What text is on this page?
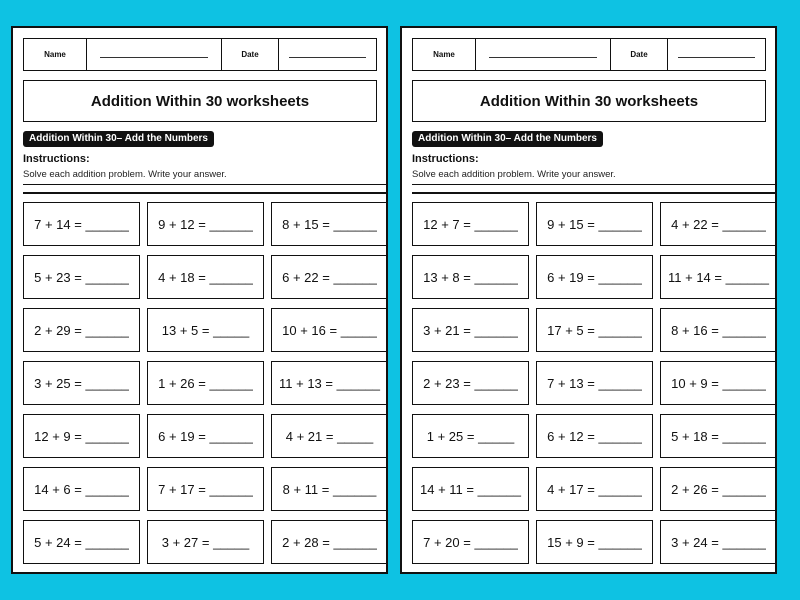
Name	Date
Addition Within 30 worksheets
Addition Within 30– Add the Numbers
Instructions:
Solve each addition problem. Write your answer.
7 + 14 = ______	9 + 12 = ______	8 + 15 = ______
5 + 23 = ______	4 + 18 = ______	6 + 22 = ______
2 + 29 = ______	13 + 5 = _____	10 + 16 = _____
3 + 25 = ______	1 + 26 = ______	11 + 13 = ______
12 + 9 = ______	6 + 19 = ______	4 + 21 = _____
14 + 6 = ______	7 + 17 = ______	8 + 11 = ______
5 + 24 = ______	3 + 27 = _____	2 + 28 = ______
Name	Date
Addition Within 30 worksheets
Addition Within 30– Add the Numbers
Instructions:
Solve each addition problem. Write your answer.
12 + 7 = ______	9 + 15 = ______	4 + 22 = ______
13 + 8 = ______	6 + 19 = ______	11 + 14 = ______
3 + 21 = ______	17 + 5 = ______	8 + 16 = ______
2 + 23 = ______	7 + 13 = ______	10 + 9 = ______
1 + 25 = _____	6 + 12 = ______	5 + 18 = ______
14 + 11 = ______	4 + 17 = ______	2 + 26 = ______
7 + 20 = ______	15 + 9 = ______	3 + 24 = ______
